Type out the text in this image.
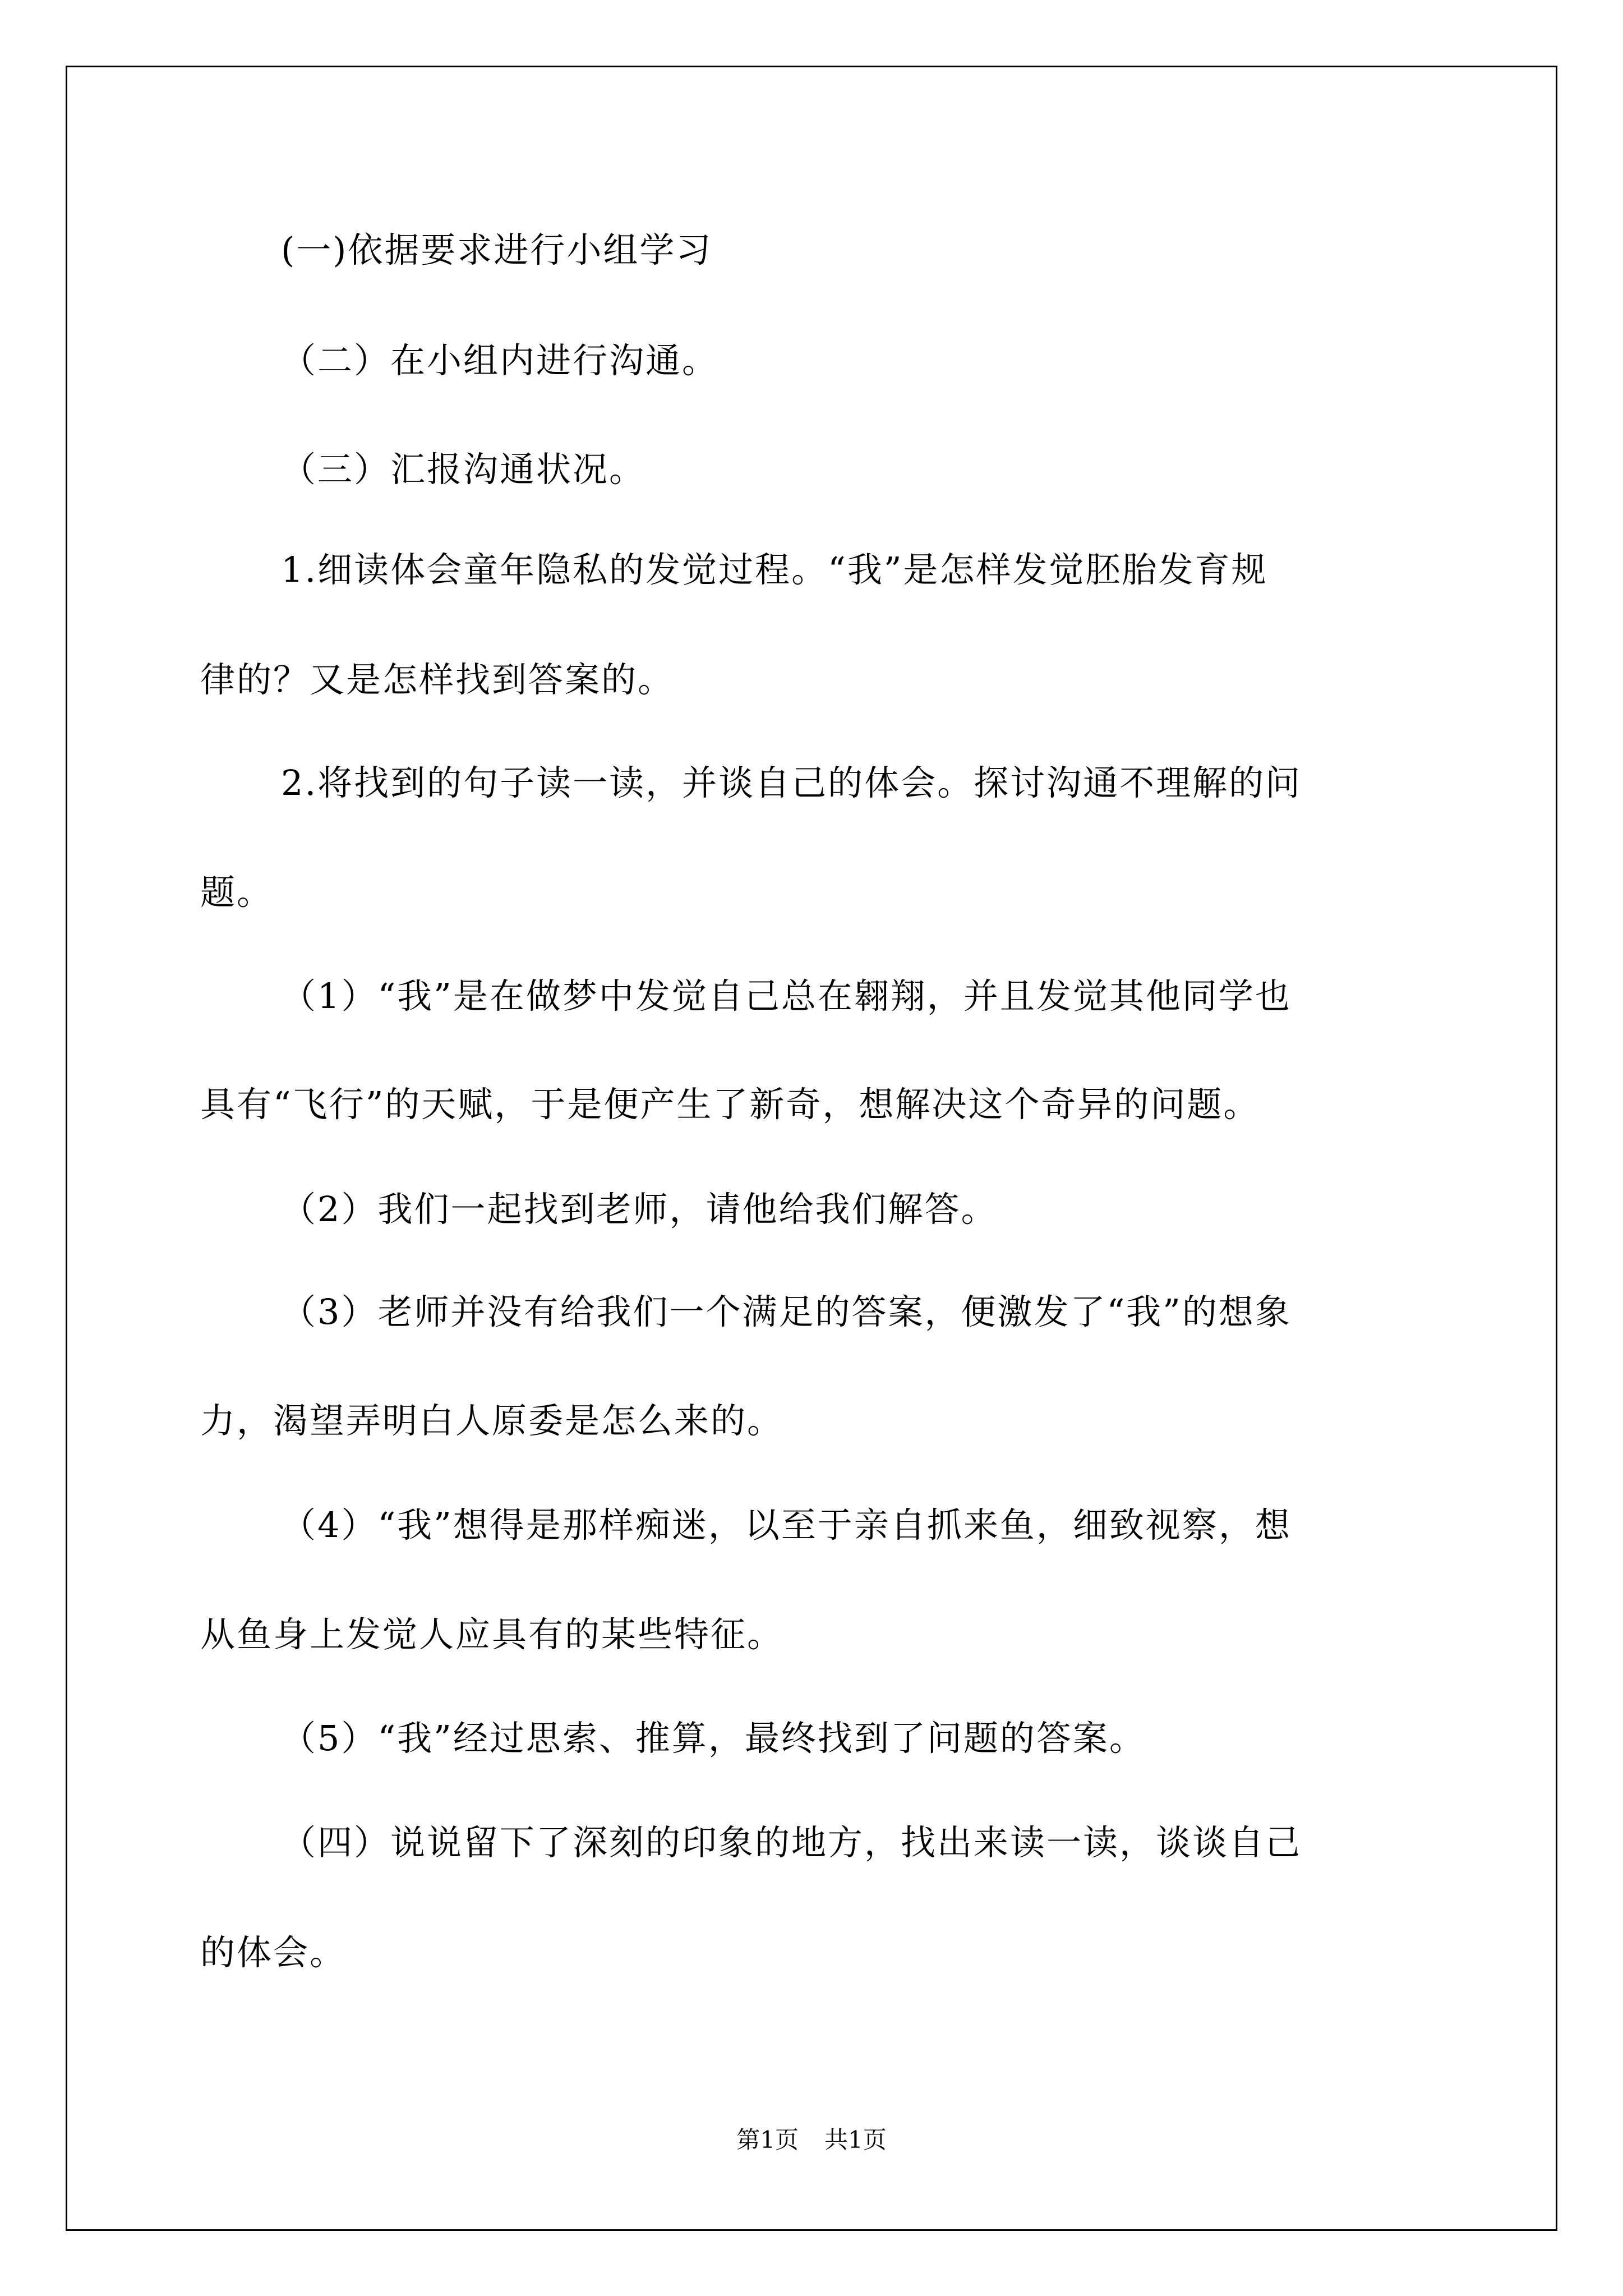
(一)依据要求进行小组学习
（二）在小组内进行沟通。
（三）汇报沟通状况。
1.细读体会童年隐私的发觉过程。“我”是怎样发觉胚胎发育规
律的？又是怎样找到答案的。
2.将找到的句子读一读，并谈自己的体会。探讨沟通不理解的问
题。
（1）“我”是在做梦中发觉自己总在翱翔，并且发觉其他同学也
具有“飞行”的天赋，于是便产生了新奇，想解决这个奇异的问题。
（2）我们一起找到老师，请他给我们解答。
（3）老师并没有给我们一个满足的答案，便激发了“我”的想象
力，渴望弄明白人原委是怎么来的。
（4）“我”想得是那样痴迷，以至于亲自抓来鱼，细致视察，想
从鱼身上发觉人应具有的某些特征。
（5）“我”经过思索、推算，最终找到了问题的答案。
（四）说说留下了深刻的印象的地方，找出来读一读，谈谈自己
的体会。
第1页 共1页
